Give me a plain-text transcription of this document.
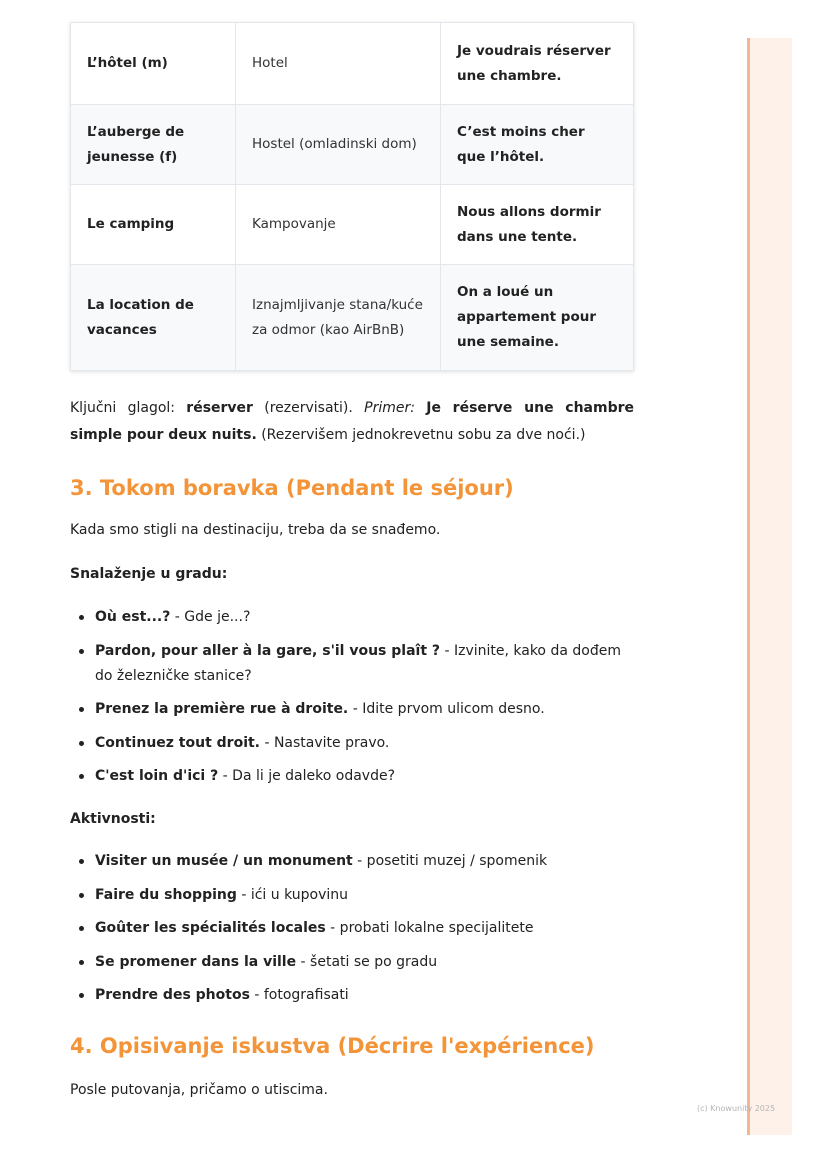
L’hôtel (m)	Hotel	Je voudrais réserver une chambre.
L’auberge de jeunesse (f)	Hostel (omladinski dom)	C’est moins cher que l’hôtel.
Le camping	Kampovanje	Nous allons dormir dans une tente.
La location de vacances	Iznajmljivanje stana/kuće za odmor (kao AirBnB)	On a loué un appartement pour une semaine.
Ključni glagol: réserver (rezervisati). Primer: Je réserve une chambre simple pour deux nuits. (Rezervišem jednokrevetnu sobu za dve noći.)
3. Tokom boravka (Pendant le séjour)
Kada smo stigli na destinaciju, treba da se snađemo.
Snalaženje u gradu:
Où est...? - Gde je...?
Pardon, pour aller à la gare, s'il vous plaît ? - Izvinite, kako da dođem do železničke stanice?
Prenez la première rue à droite. - Idite prvom ulicom desno.
Continuez tout droit. - Nastavite pravo.
C'est loin d'ici ? - Da li je daleko odavde?
Aktivnosti:
Visiter un musée / un monument - posetiti muzej / spomenik
Faire du shopping - ići u kupovinu
Goûter les spécialités locales - probati lokalne specijalitete
Se promener dans la ville - šetati se po gradu
Prendre des photos - fotografisati
4. Opisivanje iskustva (Décrire l'expérience)
Posle putovanja, pričamo o utiscima.
(c) Knowunity 2025
